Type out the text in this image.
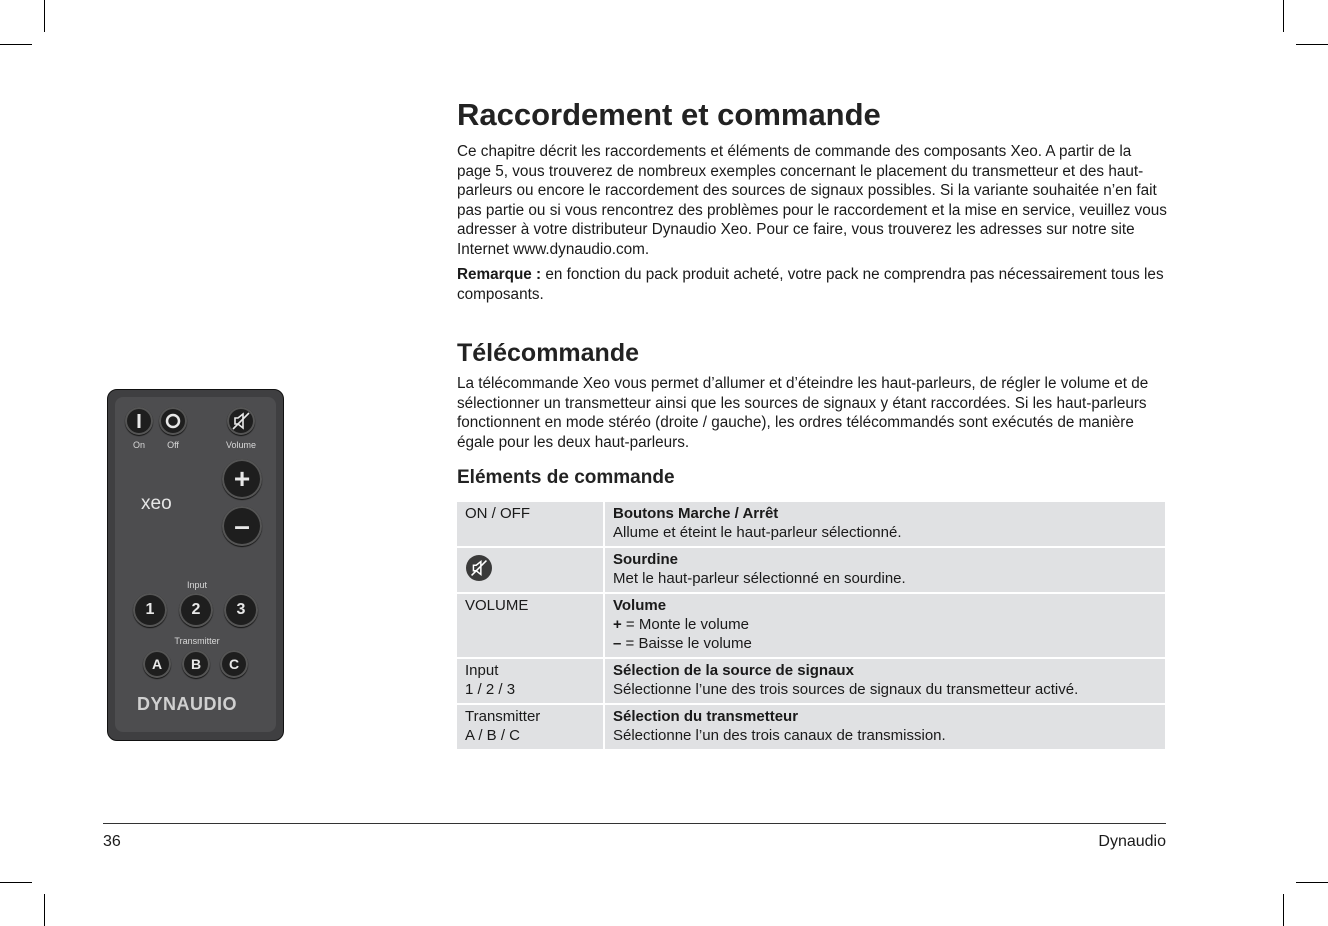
On	Off	Volume
xeo
+
–
Input
1	2	3
Transmitter
A	B	C
DYNAUDIO
Raccordement et commande

Ce chapitre décrit les raccordements et éléments de commande des composants Xeo. A partir de la page 5, vous trouverez de nombreux exemples concernant le placement du transmetteur et des haut-parleurs ou encore le raccordement des sources de signaux possibles. Si la variante souhaitée n’en fait pas partie ou si vous rencontrez des problèmes pour le raccordement et la mise en service, veuillez vous adresser à votre distributeur Dynaudio Xeo. Pour ce faire, vous trouverez les adresses sur notre site Internet www.dynaudio.com.

Remarque : en fonction du pack produit acheté, votre pack ne comprendra pas nécessairement tous les composants.

Télécommande

La télécommande Xeo vous permet d’allumer et d’éteindre les haut-parleurs, de régler le volume et de sélectionner un transmetteur ainsi que les sources de signaux y étant raccordées. Si les haut-parleurs fonctionnent en mode stéréo (droite / gauche), les ordres télécommandés sont exécutés de manière égale pour les deux haut-parleurs.

Eléments de commande
ON / OFF	Boutons Marche / Arrêt
Allume et éteint le haut-parleur sélectionné.

	Sourdine
Met le haut-parleur sélectionné en sourdine.
VOLUME	Volume
+ = Monte le volume
– = Baisse le volume
Input
1 / 2 / 3	Sélection de la source de signaux
Sélectionne l’une des trois sources de signaux du transmetteur activé.
Transmitter
A / B / C	Sélection du transmetteur
Sélectionne l’un des trois canaux de transmission.
36	Dynaudio
